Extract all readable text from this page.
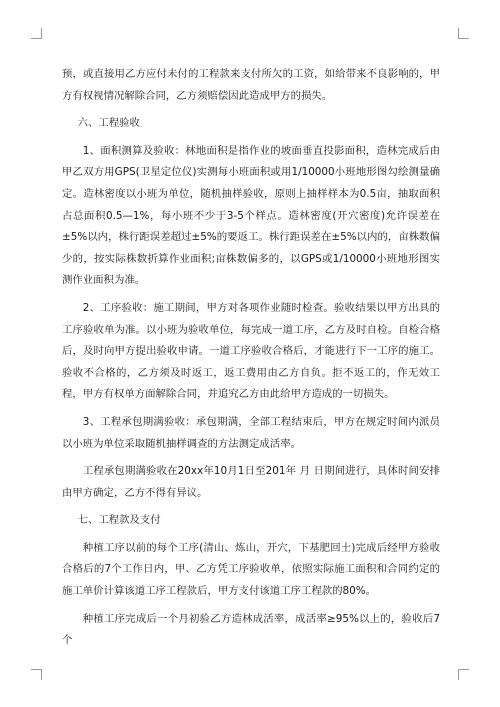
预，或直接用乙方应付未付的工程款来支付所欠的工资，如给带来不良影响的，甲方有权视情况解除合同，乙方须赔偿因此造成甲方的损失。

六、工程验收

1、面积测算及验收：林地面积是指作业的坡面垂直投影面积，造林完成后由甲乙双方用GPS(卫星定位仪)实测每小班面积或用1/10000小班地形图勾绘测量确定。造林密度以小班为单位，随机抽样验收，原则上抽样样本为0.5亩，抽取面积占总面积0.5—1%，每小班不少于3-5个样点。造林密度(开穴密度)允许误差在±5%以内，株行距误差超过±5%的要返工。株行距误差在±5%以内的，亩株数偏少的，按实际株数折算作业面积;亩株数偏多的，以GPS或1/10000小班地形图实测作业面积为准。

2、工序验收：施工期间，甲方对各项作业随时检查。验收结果以甲方出具的工序验收单为准。以小班为验收单位，每完成一道工序，乙方及时自检。自检合格后，及时向甲方提出验收申请。一道工序验收合格后，才能进行下一工序的施工。验收不合格的，乙方须及时返工，返工费用由乙方自负。拒不返工的，作无效工程，甲方有权单方面解除合同，并追究乙方由此给甲方造成的一切损失。

3、工程承包期满验收：承包期满，全部工程结束后，甲方在规定时间内派员以小班为单位采取随机抽样调查的方法测定成活率。

工程承包期满验收在20xx年10月1日至201年 月 日期间进行，具体时间安排由甲方确定，乙方不得有异议。

七、工程款及支付

种植工序以前的每个工序(清山、炼山，开穴，下基肥回土)完成后经甲方验收合格后的7个工作日内，甲、乙方凭工序验收单，依照实际施工面积和合同约定的施工单价计算该道工序工程款后，甲方支付该道工序工程款的80%。

种植工序完成后一个月初验乙方造林成活率，成活率≥95%以上的，验收后7个
